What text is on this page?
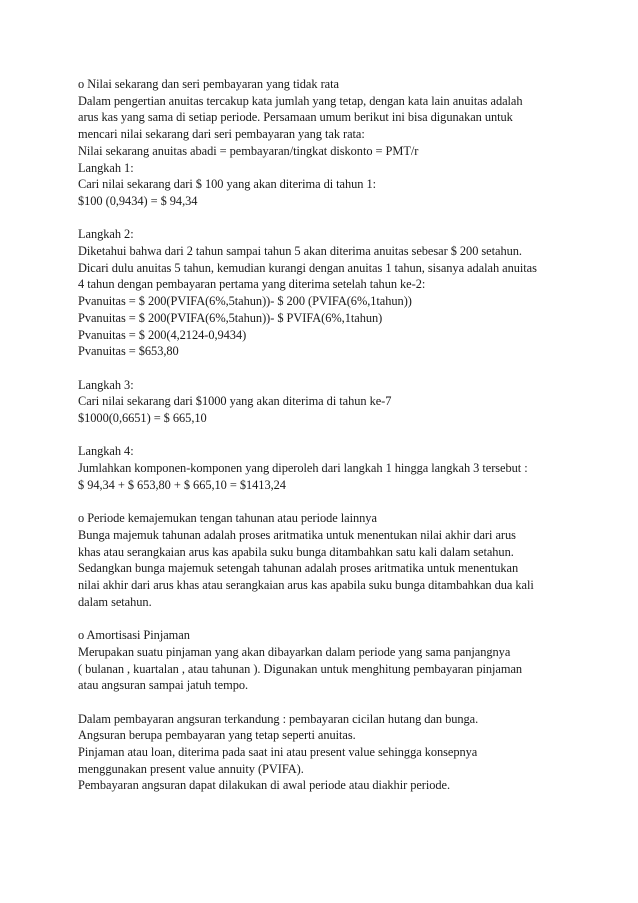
o Nilai sekarang dan seri pembayaran yang tidak rata
Dalam pengertian anuitas tercakup kata jumlah yang tetap, dengan kata lain anuitas adalah
arus kas yang sama di setiap periode. Persamaan umum berikut ini bisa digunakan untuk
mencari nilai sekarang dari seri pembayaran yang tak rata:
Nilai sekarang anuitas abadi = pembayaran/tingkat diskonto = PMT/r
Langkah 1:
Cari nilai sekarang dari $ 100 yang akan diterima di tahun 1:
$100 (0,9434) = $ 94,34
Langkah 2:
Diketahui bahwa dari 2 tahun sampai tahun 5 akan diterima anuitas sebesar $ 200 setahun.
Dicari dulu anuitas 5 tahun, kemudian kurangi dengan anuitas 1 tahun, sisanya adalah anuitas
4 tahun dengan pembayaran pertama yang diterima setelah tahun ke-2:
Pvanuitas = $ 200(PVIFA(6%,5tahun))- $ 200 (PVIFA(6%,1tahun))
Pvanuitas = $ 200(PVIFA(6%,5tahun))- $ PVIFA(6%,1tahun)
Pvanuitas = $ 200(4,2124-0,9434)
Pvanuitas = $653,80
Langkah 3:
Cari nilai sekarang dari $1000 yang akan diterima di tahun ke-7
$1000(0,6651) = $ 665,10
Langkah 4:
Jumlahkan komponen-komponen yang diperoleh dari langkah 1 hingga langkah 3 tersebut :
$ 94,34 + $ 653,80 + $ 665,10 = $1413,24
o Periode kemajemukan tengan tahunan atau periode lainnya
Bunga majemuk tahunan adalah proses aritmatika untuk menentukan nilai akhir dari arus
khas atau serangkaian arus kas apabila suku bunga ditambahkan satu kali dalam setahun.
Sedangkan bunga majemuk setengah tahunan adalah proses aritmatika untuk menentukan
nilai akhir dari arus khas atau serangkaian arus kas apabila suku bunga ditambahkan dua kali
dalam setahun.
o Amortisasi Pinjaman
Merupakan suatu pinjaman yang akan dibayarkan dalam periode yang sama panjangnya
( bulanan , kuartalan , atau tahunan ). Digunakan untuk menghitung pembayaran pinjaman
atau angsuran sampai jatuh tempo.
Dalam pembayaran angsuran terkandung : pembayaran cicilan hutang dan bunga.
Angsuran berupa pembayaran yang tetap seperti anuitas.
Pinjaman atau loan, diterima pada saat ini atau present value sehingga konsepnya
menggunakan present value annuity (PVIFA).
Pembayaran angsuran dapat dilakukan di awal periode atau diakhir periode.
